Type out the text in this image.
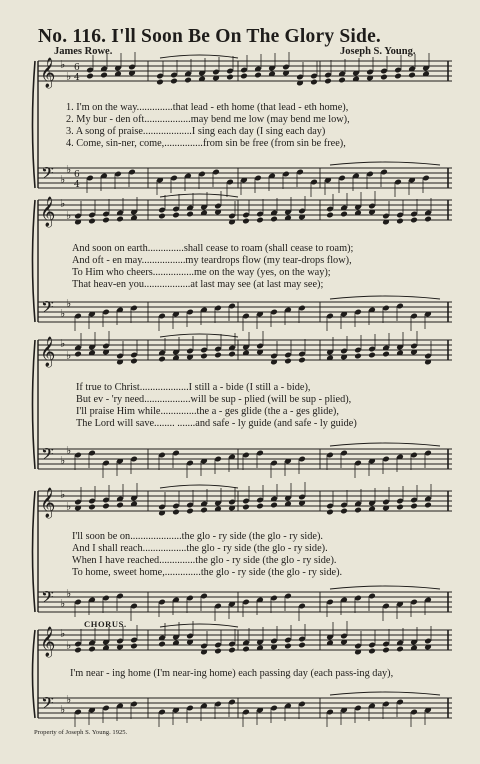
No. 116. I'll Soon Be On The Glory Side.
James Rowe.	Joseph S. Young.
𝄞
𝄢
♭
♭
♭
♭
6
4
6
4
𝄞
𝄢
♭
♭
♭
♭
𝄞
𝄢
♭
♭
♭
♭
𝄞
𝄢
♭
♭
♭
♭
𝄞
𝄢
♭
♭
♭
♭
1. I'm on the way..............that lead - eth home (that lead - eth home),
2. My bur - den oft..................may bend me low (may bend me low),
3. A song of praise...................I sing each day (I sing each day)
4. Come, sin-ner, come,...............from sin be free (from sin be free),
And soon on earth..............shall cease to roam (shall cease to roam);
And oft - en may.................my teardrops flow (my tear-drops flow),
To Him who cheers................me on the way (yes, on the way);
That heav-en you..................at last may see (at last may see);
If true to Christ...................I still a - bide (I still a - bide),
But ev - 'ry need..................will be sup - plied (will be sup - plied),
I'll praise Him while..............the a - ges glide (the a - ges glide),
The Lord will save........ .......and safe - ly guide (and safe - ly guide)
I'll soon be on....................the glo - ry side (the glo - ry side).
And I shall reach.................the glo - ry side (the glo - ry side).
When I have reached..............the glo - ry side (the glo - ry side).
To home, sweet home,..............the glo - ry side (the glo - ry side).
CHORUS.
I'm near - ing home (I'm near-ing home) each passing day (each pass-ing day),
Property of Joseph S. Young. 1925.
